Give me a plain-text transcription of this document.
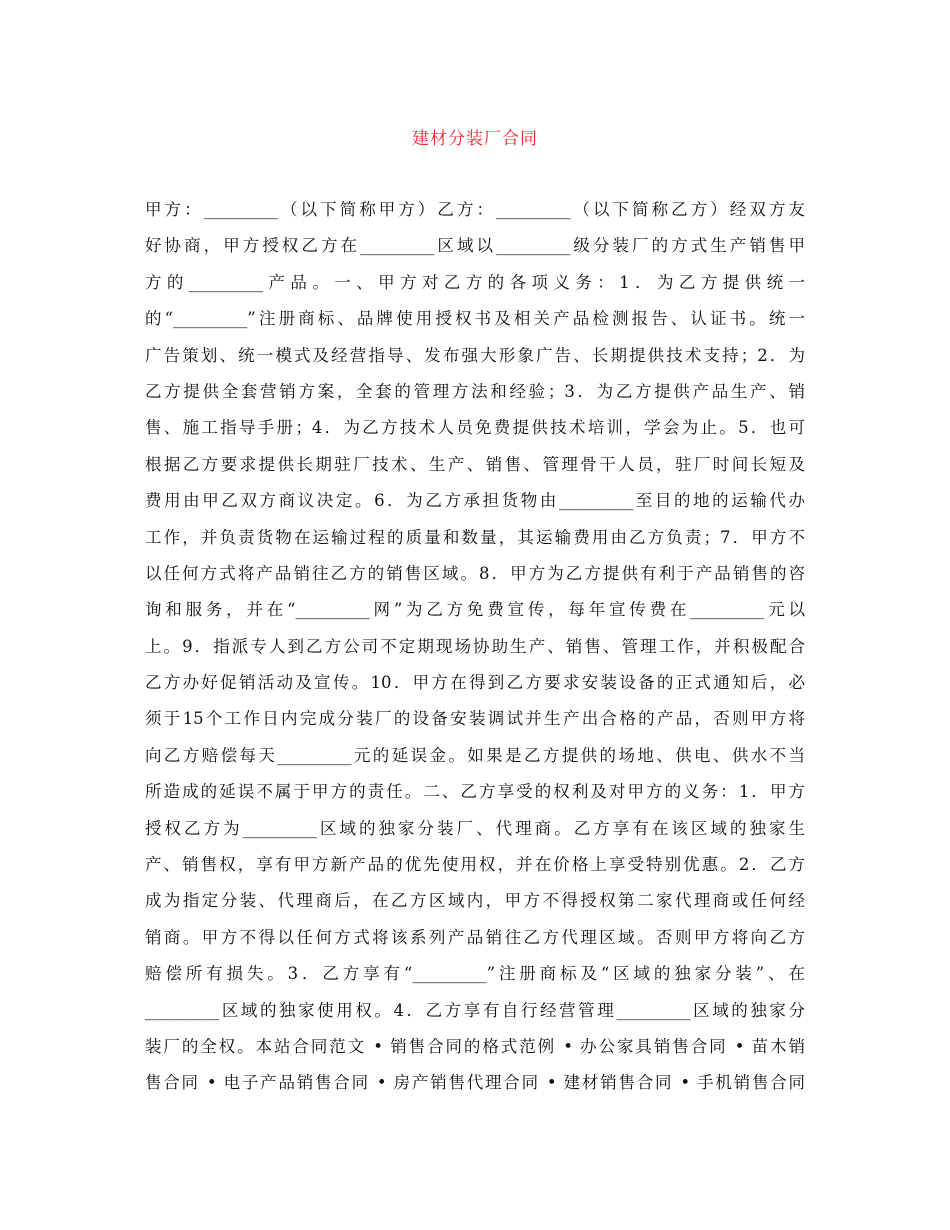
建材分装厂合同
甲方：_________（以下简称甲方）乙方：_________（以下简称乙方）经双方友
好协商，甲方授权乙方在_________区域以_________级分装厂的方式生产销售甲
方的_________产品。一、甲方对乙方的各项义务：1．为乙方提供统一
的“_________”注册商标、品牌使用授权书及相关产品检测报告、认证书。统一
广告策划、统一模式及经营指导、发布强大形象广告、长期提供技术支持；2．为
乙方提供全套营销方案，全套的管理方法和经验；3．为乙方提供产品生产、销
售、施工指导手册；4．为乙方技术人员免费提供技术培训，学会为止。5．也可
根据乙方要求提供长期驻厂技术、生产、销售、管理骨干人员，驻厂时间长短及
费用由甲乙双方商议决定。6．为乙方承担货物由_________至目的地的运输代办
工作，并负责货物在运输过程的质量和数量，其运输费用由乙方负责；7．甲方不
以任何方式将产品销往乙方的销售区域。8．甲方为乙方提供有利于产品销售的咨
询和服务，并在“_________网”为乙方免费宣传，每年宣传费在_________元以
上。9．指派专人到乙方公司不定期现场协助生产、销售、管理工作，并积极配合
乙方办好促销活动及宣传。10．甲方在得到乙方要求安装设备的正式通知后，必
须于15个工作日内完成分装厂的设备安装调试并生产出合格的产品，否则甲方将
向乙方赔偿每天_________元的延误金。如果是乙方提供的场地、供电、供水不当
所造成的延误不属于甲方的责任。二、乙方享受的权利及对甲方的义务：1．甲方
授权乙方为_________区域的独家分装厂、代理商。乙方享有在该区域的独家生
产、销售权，享有甲方新产品的优先使用权，并在价格上享受特别优惠。2．乙方
成为指定分装、代理商后，在乙方区域内，甲方不得授权第二家代理商或任何经
销商。甲方不得以任何方式将该系列产品销往乙方代理区域。否则甲方将向乙方
赔偿所有损失。3．乙方享有“_________”注册商标及“区域的独家分装”、在
_________区域的独家使用权。4．乙方享有自行经营管理_________区域的独家分
装厂的全权。本站合同范文 • 销售合同的格式范例 • 办公家具销售合同 • 苗木销
售合同 • 电子产品销售合同 • 房产销售代理合同 • 建材销售合同 • 手机销售合同
